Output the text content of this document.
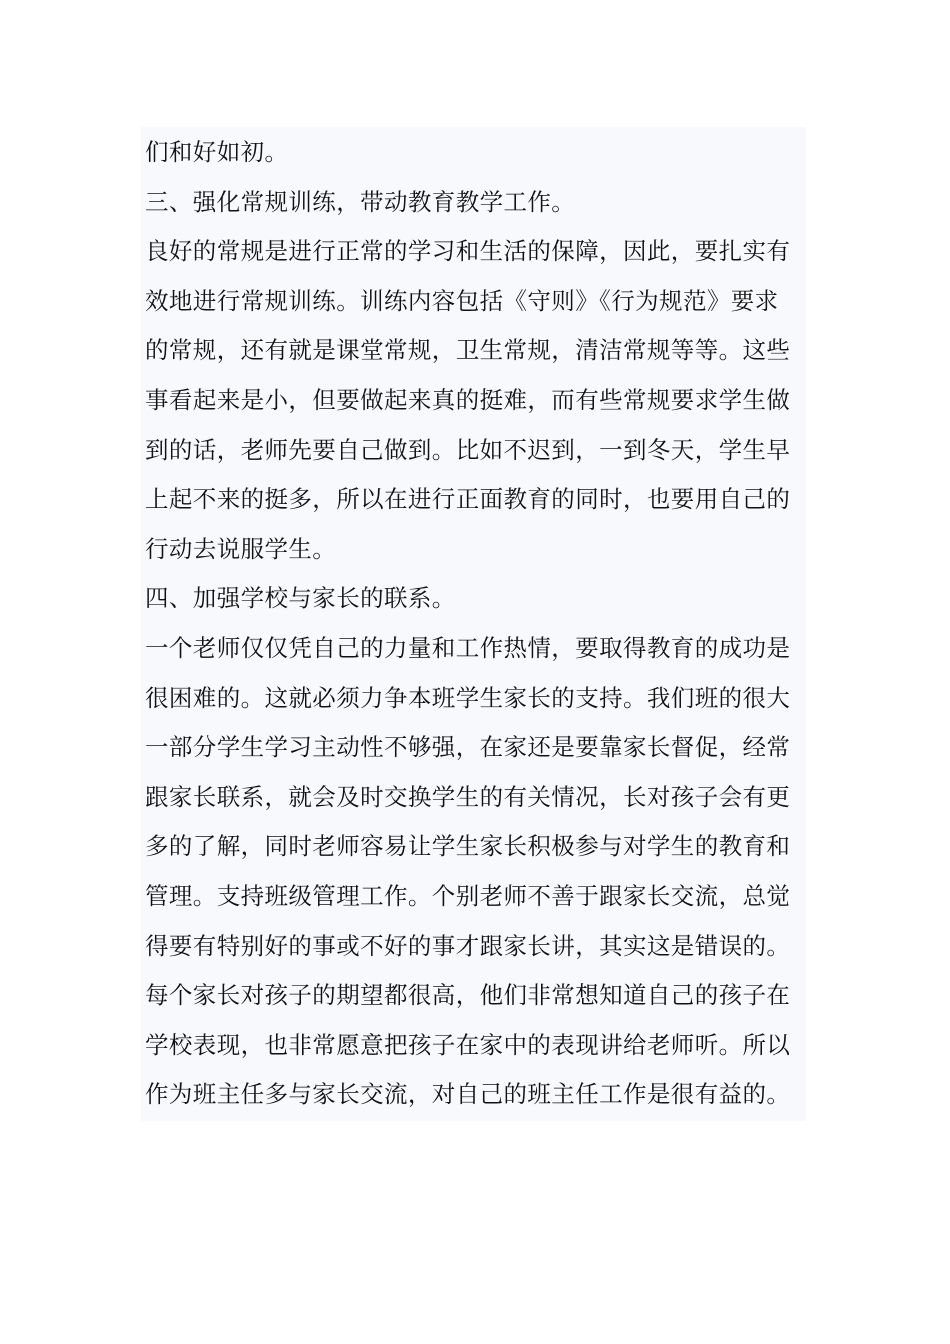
们和好如初。
三、强化常规训练，带动教育教学工作。
良好的常规是进行正常的学习和生活的保障，因此，要扎实有
效地进行常规训练。训练内容包括《守则》《行为规范》要求
的常规，还有就是课堂常规，卫生常规，清洁常规等等。这些
事看起来是小，但要做起来真的挺难，而有些常规要求学生做
到的话，老师先要自己做到。比如不迟到，一到冬天，学生早
上起不来的挺多，所以在进行正面教育的同时，也要用自己的
行动去说服学生。
四、加强学校与家长的联系。
一个老师仅仅凭自己的力量和工作热情，要取得教育的成功是
很困难的。这就必须力争本班学生家长的支持。我们班的很大
一部分学生学习主动性不够强，在家还是要靠家长督促，经常
跟家长联系，就会及时交换学生的有关情况，长对孩子会有更
多的了解，同时老师容易让学生家长积极参与对学生的教育和
管理。支持班级管理工作。个别老师不善于跟家长交流，总觉
得要有特别好的事或不好的事才跟家长讲，其实这是错误的。
每个家长对孩子的期望都很高，他们非常想知道自己的孩子在
学校表现，也非常愿意把孩子在家中的表现讲给老师听。所以
作为班主任多与家长交流，对自己的班主任工作是很有益的。
